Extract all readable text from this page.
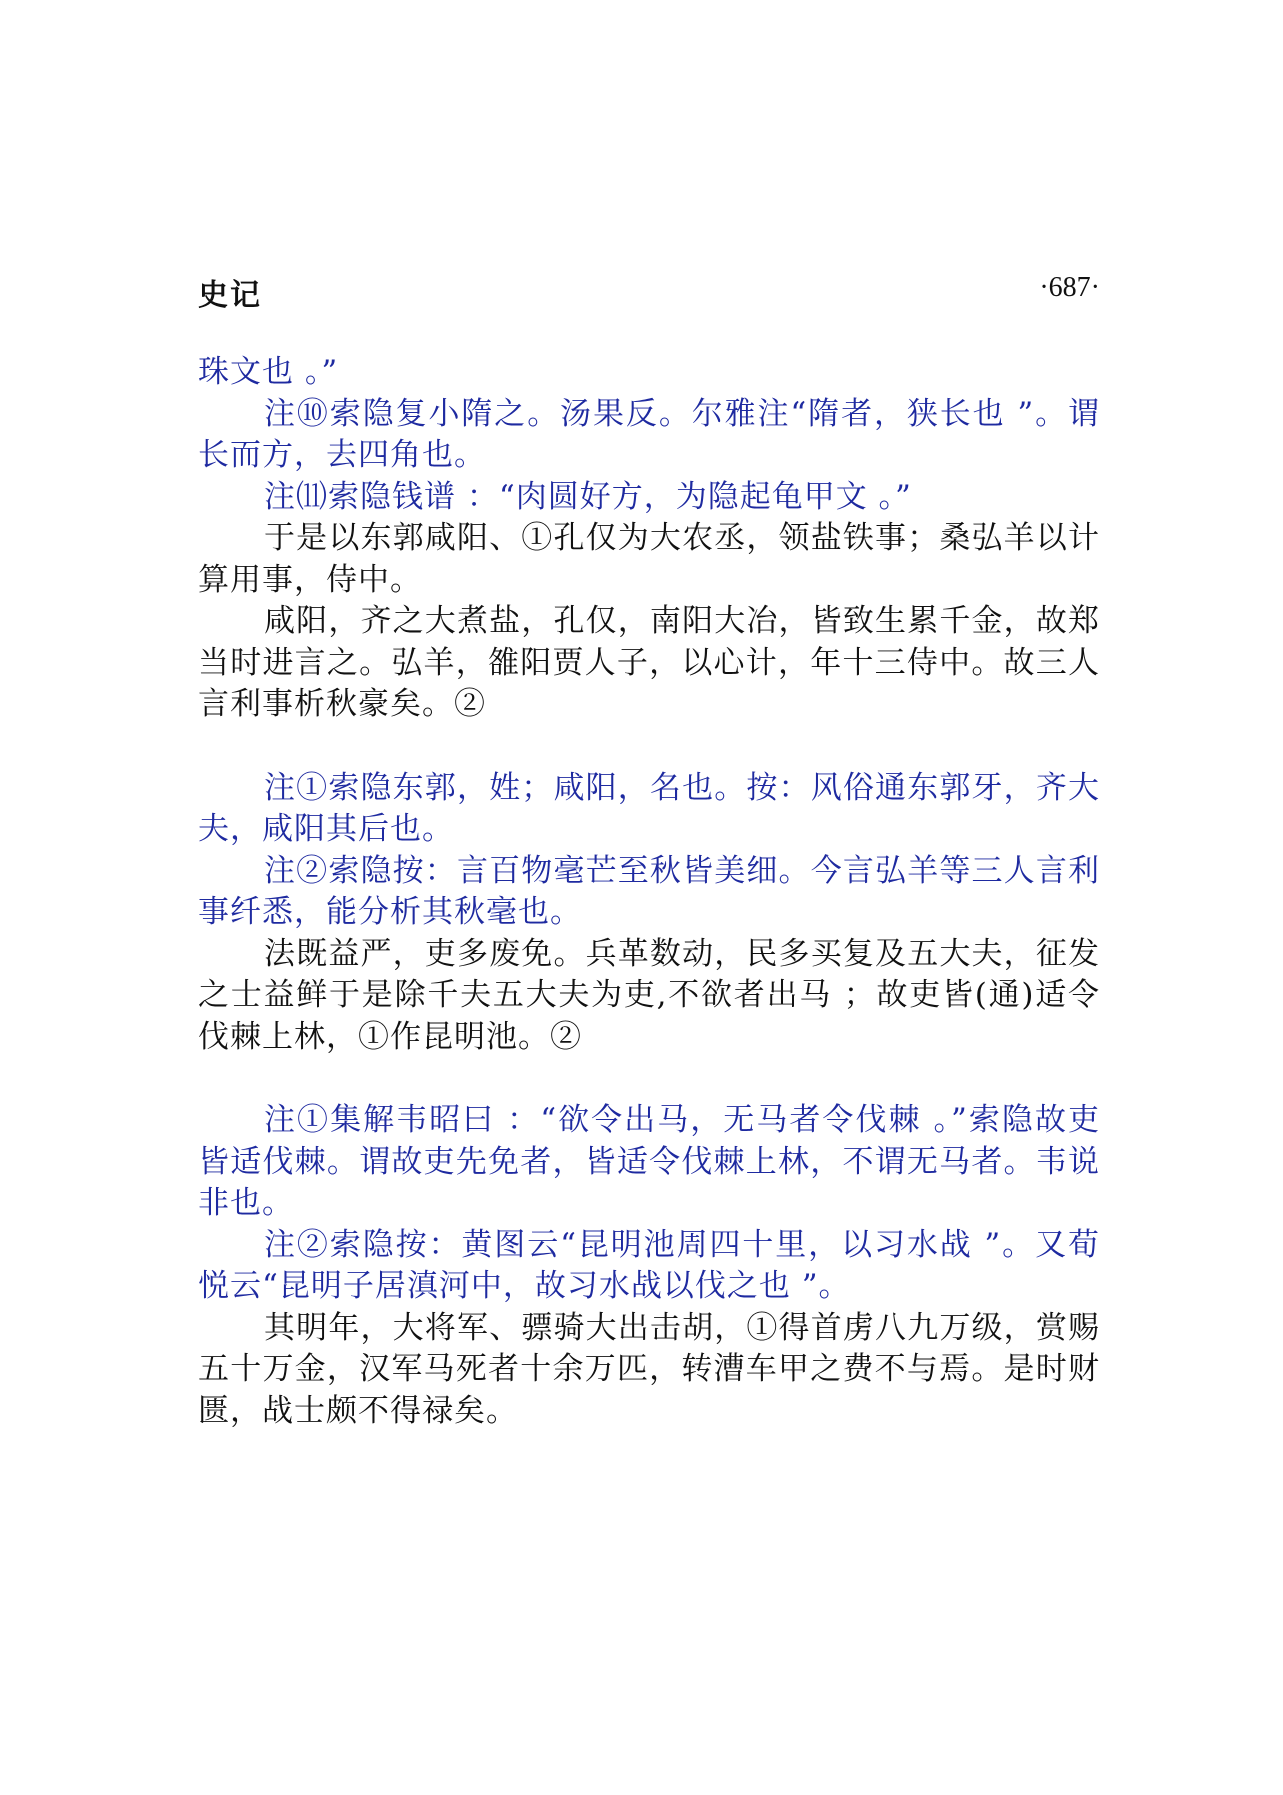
史记	·687·

珠文也 。”

注⑩索隐复小隋之。汤果反。尔雅注“隋者，狭长也 ”。谓长而方，去四角也。

注⑾索隐钱谱 ：“肉圆好方，为隐起龟甲文 。”

于是以东郭咸阳、①孔仅为大农丞，领盐铁事；桑弘羊以计算用事，侍中。

咸阳，齐之大煮盐，孔仅，南阳大冶，皆致生累千金，故郑当时进言之。弘羊，雒阳贾人子，以心计，年十三侍中。故三人言利事析秋豪矣。②

注①索隐东郭，姓；咸阳，名也。按：风俗通东郭牙，齐大夫，咸阳其后也。

注②索隐按：言百物毫芒至秋皆美细。今言弘羊等三人言利事纤悉，能分析其秋毫也。

法既益严，吏多废免。兵革数动，民多买复及五大夫，征发之士益鲜于是除千夫五大夫为吏,不欲者出马 ；故吏皆(通)适令伐棘上林，①作昆明池。②

注①集解韦昭曰 ：“欲令出马，无马者令伐棘 。”索隐故吏皆适伐棘。谓故吏先免者，皆适令伐棘上林，不谓无马者。韦说非也。

注②索隐按：黄图云“昆明池周四十里，以习水战 ”。又荀悦云“昆明子居滇河中，故习水战以伐之也 ”。

其明年，大将军、骠骑大出击胡，①得首虏八九万级，赏赐五十万金，汉军马死者十余万匹，转漕车甲之费不与焉。是时财匮，战士颇不得禄矣。
